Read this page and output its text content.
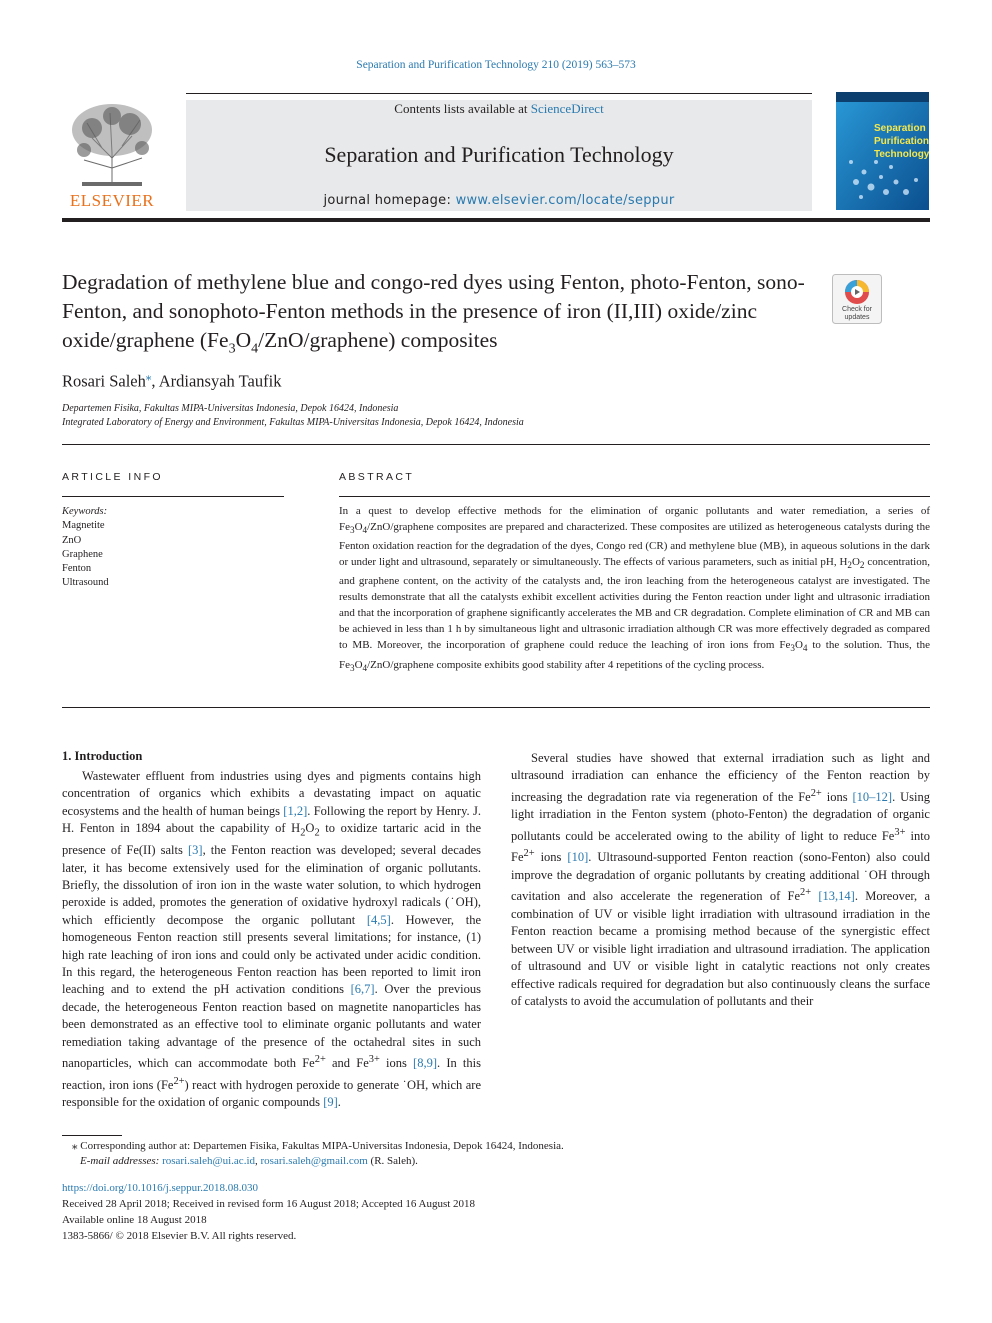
Separation and Purification Technology 210 (2019) 563–573
ELSEVIER
Contents lists available at ScienceDirect
Separation and Purification Technology
journal homepage: www.elsevier.com/locate/seppur
Separation
Purification
Technology
Degradation of methylene blue and congo-red dyes using Fenton, photo-Fenton, sono-Fenton, and sonophoto-Fenton methods in the presence of iron (II,III) oxide/zinc oxide/graphene $(Fe_3O_4/ZnO/graphene)$ composites
Check for
updates
Rosari Saleh⁎, Ardiansyah Taufik
Departemen Fisika, Fakultas MIPA-Universitas Indonesia, Depok 16424, Indonesia
Integrated Laboratory of Energy and Environment, Fakultas MIPA-Universitas Indonesia, Depok 16424, Indonesia
ARTICLE INFO	ABSTRACT
Keywords:
Magnetite
ZnO
Graphene
Fenton
Ultrasound
In a quest to develop effective methods for the elimination of organic pollutants and water remediation, a series of $Fe_3O_4/ZnO$/graphene composites are prepared and characterized. These composites are utilized as heterogeneous catalysts during the Fenton oxidation reaction for the degradation of the dyes, Congo red (CR) and methylene blue (MB), in aqueous solutions in the dark or under light and ultrasound, separately or simultaneously. The effects of various parameters, such as initial pH, $H_2O_2$ concentration, and graphene content, on the activity of the catalysts and, the iron leaching from the heterogeneous catalyst are investigated. The results demonstrate that all the catalysts exhibit excellent activities during the Fenton reaction under light and ultrasonic irradiation and that the incorporation of graphene significantly accelerates the MB and CR degradation. Complete elimination of CR and MB can be achieved in less than 1 h by simultaneous light and ultrasonic irradiation although CR was more effectively degraded as compared to MB. Moreover, the incorporation of graphene could reduce the leaching of iron ions from $Fe_3O_4$ to the solution. Thus, the $Fe_3O_4/ZnO$/graphene composite exhibits good stability after 4 repetitions of the cycling process.
1. Introduction

Wastewater effluent from industries using dyes and pigments contains high concentration of organics which exhibits a devastating impact on aquatic ecosystems and the health of human beings [1,2]. Following the report by Henry. J. H. Fenton in 1894 about the capability of $H_2O_2$ to oxidize tartaric acid in the presence of Fe(II) salts [3], the Fenton reaction was developed; several decades later, it has become extensively used for the elimination of organic pollutants. Briefly, the dissolution of iron ion in the waste water solution, to which hydrogen peroxide is added, promotes the generation of oxidative hydroxyl radicals (˙OH), which efficiently decompose the organic pollutant [4,5]. However, the homogeneous Fenton reaction still presents several limitations; for instance, (1) high rate leaching of iron ions and could only be activated under acidic condition. In this regard, the heterogeneous Fenton reaction has been reported to limit iron leaching and to extend the pH activation conditions [6,7]. Over the previous decade, the heterogeneous Fenton reaction based on magnetite nanoparticles has been demonstrated as an effective tool to eliminate organic pollutants and water remediation taking advantage of the presence of the octahedral sites in such nanoparticles, which can accommodate both $Fe^{2+}$ and $Fe^{3+}$ ions [8,9]. In this reaction, iron ions $(Fe^{2+})$ react with hydrogen peroxide to generate ˙OH, which are responsible for the oxidation of organic compounds [9].

Several studies have showed that external irradiation such as light and ultrasound irradiation can enhance the efficiency of the Fenton reaction by increasing the degradation rate via regeneration of the $Fe^{2+}$ ions [10–12]. Using light irradiation in the Fenton system (photo-Fenton) the degradation of organic pollutants could be accelerated owing to the ability of light to reduce $Fe^{3+}$ into $Fe^{2+}$ ions [10]. Ultrasound-supported Fenton reaction (sono-Fenton) also could improve the degradation of organic pollutants by creating additional ˙OH through cavitation and also accelerate the regeneration of $Fe^{2+}$ [13,14]. Moreover, a combination of UV or visible light irradiation with ultrasound irradiation in the Fenton reaction became a promising method because of the synergistic effect between UV or visible light irradiation and ultrasound irradiation. The application of ultrasound and UV or visible light in catalytic reactions not only creates effective radicals required for degradation but also continuously cleans the surface of catalysts to avoid the accumulation of pollutants and their

⁎ Corresponding author at: Departemen Fisika, Fakultas MIPA-Universitas Indonesia, Depok 16424, Indonesia.
E-mail addresses: rosari.saleh@ui.ac.id, rosari.saleh@gmail.com (R. Saleh).
https://doi.org/10.1016/j.seppur.2018.08.030
Received 28 April 2018; Received in revised form 16 August 2018; Accepted 16 August 2018
Available online 18 August 2018
1383-5866/ © 2018 Elsevier B.V. All rights reserved.
